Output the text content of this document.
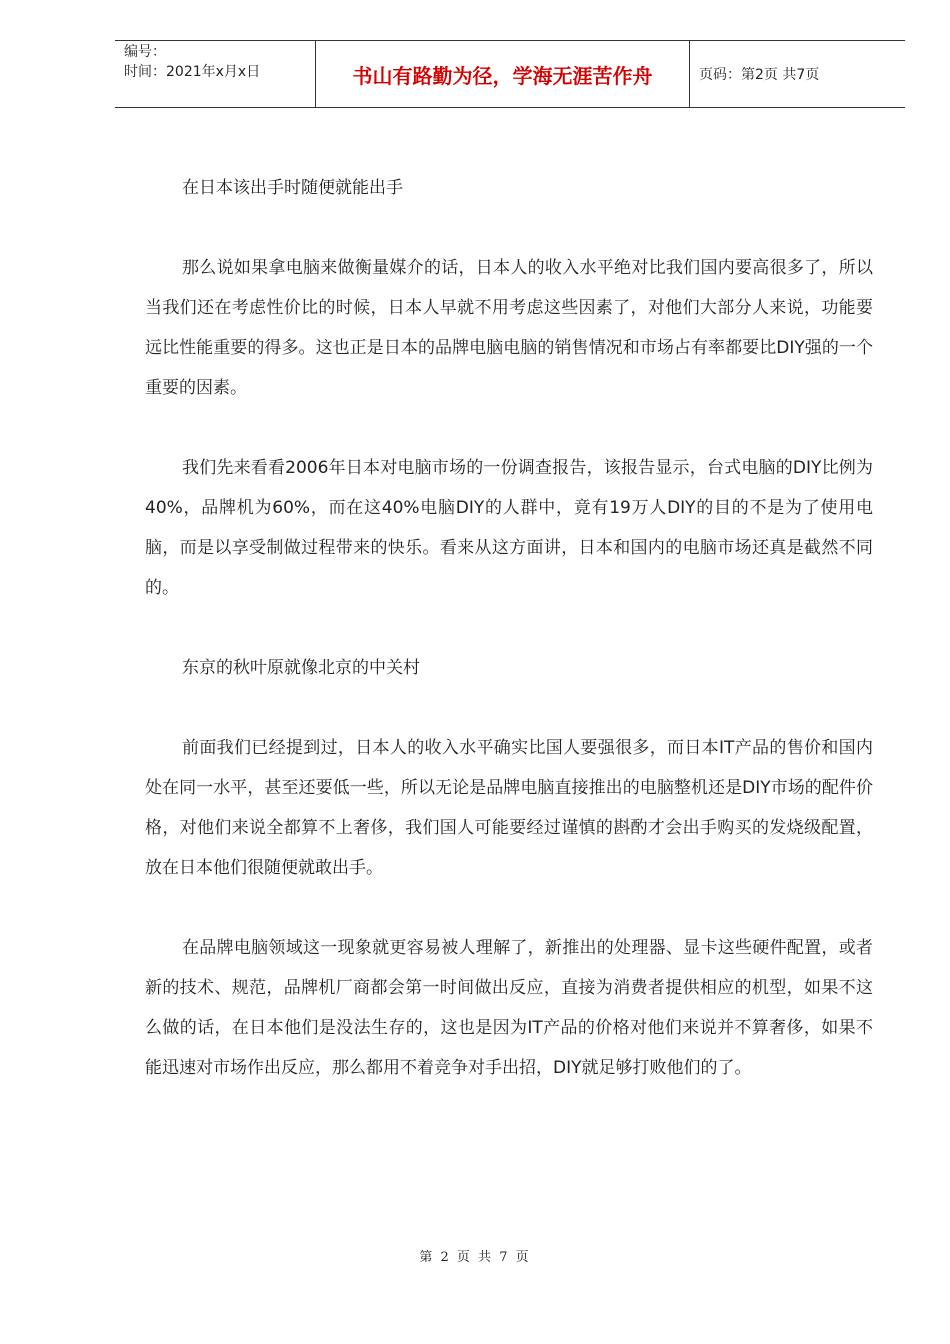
编号：
时间：2021年x月x日	书山有路勤为径，学海无涯苦作舟	页码：第2页 共7页

在日本该出手时随便就能出手

那么说如果拿电脑来做衡量媒介的话，日本人的收入水平绝对比我们国内要高很多了，所以当我们还在考虑性价比的时候，日本人早就不用考虑这些因素了，对他们大部分人来说，功能要远比性能重要的得多。这也正是日本的品牌电脑电脑的销售情况和市场占有率都要比DIY强的一个重要的因素。

我们先来看看2006年日本对电脑市场的一份调查报告，该报告显示，台式电脑的DIY比例为40%，品牌机为60%，而在这40%电脑DIY的人群中，竟有19万人DIY的目的不是为了使用电脑，而是以享受制做过程带来的快乐。看来从这方面讲，日本和国内的电脑市场还真是截然不同的。

东京的秋叶原就像北京的中关村

前面我们已经提到过，日本人的收入水平确实比国人要强很多，而日本IT产品的售价和国内处在同一水平，甚至还要低一些，所以无论是品牌电脑直接推出的电脑整机还是DIY市场的配件价格，对他们来说全都算不上奢侈，我们国人可能要经过谨慎的斟酌才会出手购买的发烧级配置，放在日本他们很随便就敢出手。

在品牌电脑领域这一现象就更容易被人理解了，新推出的处理器、显卡这些硬件配置，或者新的技术、规范，品牌机厂商都会第一时间做出反应，直接为消费者提供相应的机型，如果不这么做的话，在日本他们是没法生存的，这也是因为IT产品的价格对他们来说并不算奢侈，如果不能迅速对市场作出反应，那么都用不着竞争对手出招，DIY就足够打败他们的了。

第 2 页 共 7 页
